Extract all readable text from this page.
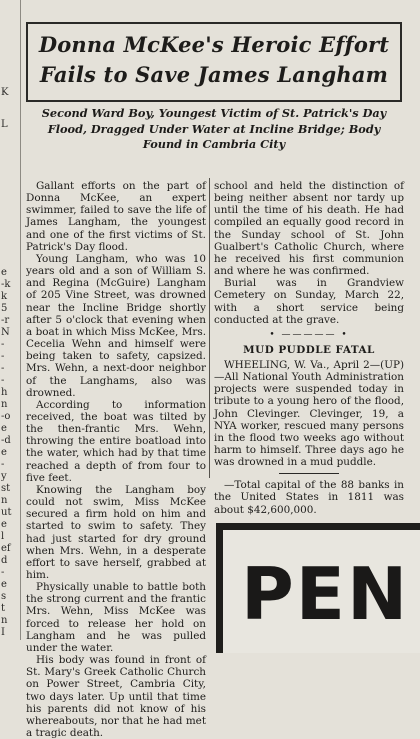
K
L
e
-k
k
5
-r
N
-
-
-
-
h
n
-o
e
-d
e
-
y
st
n
ut
e
l
ef
d
-
e
s
t
n
I
Donna McKee's Heroic Effort
Fails to Save James Langham
Second Ward Boy, Youngest Victim of St. Patrick's Day Flood, Dragged Under Water at Incline Bridge; Body Found in Cambria City

Gallant efforts on the part of Donna McKee, an expert swimmer, failed to save the life of James Langham, the youngest and one of the first victims of St. Patrick's Day flood.

Young Langham, who was 10 years old and a son of William S. and Regina (McGuire) Langham of 205 Vine Street, was drowned near the Incline Bridge shortly after 5 o'clock that evening when a boat in which Miss McKee, Mrs. Cecelia Wehn and himself were being taken to safety, capsized. Mrs. Wehn, a next-door neighbor of the Langhams, also was drowned.

According to information received, the boat was tilted by the then-frantic Mrs. Wehn, throwing the entire boatload into the water, which had by that time reached a depth of from four to five feet.

Knowing the Langham boy could not swim, Miss McKee secured a firm hold on him and started to swim to safety. They had just started for dry ground when Mrs. Wehn, in a desperate effort to save herself, grabbed at him.

Physically unable to battle both the strong current and the frantic Mrs. Wehn, Miss McKee was forced to release her hold on Langham and he was pulled under the water.

His body was found in front of St. Mary's Greek Catholic Church on Power Street, Cambria City, two days later. Up until that time his parents did not know of his whereabouts, nor that he had met a tragic death.

school and held the distinction of being neither absent nor tardy up until the time of his death. He had compiled an equally good record in the Sunday school of St. John Gualbert's Catholic Church, where he received his first communion and where he was confirmed.

Burial was in Grandview Cemetery on Sunday, March 22, with a short service being conducted at the grave.

• ————— •
MUD PUDDLE FATAL

WHEELING, W. Va., April 2—(UP)—All National Youth Administration projects were suspended today in tribute to a young hero of the flood, John Clevinger. Clevinger, 19, a NYA worker, rescued many persons in the flood two weeks ago without harm to himself. Three days ago he was drowned in a mud puddle.

—Total capital of the 88 banks in the United States in 1811 was about $42,600,000.

PEN
